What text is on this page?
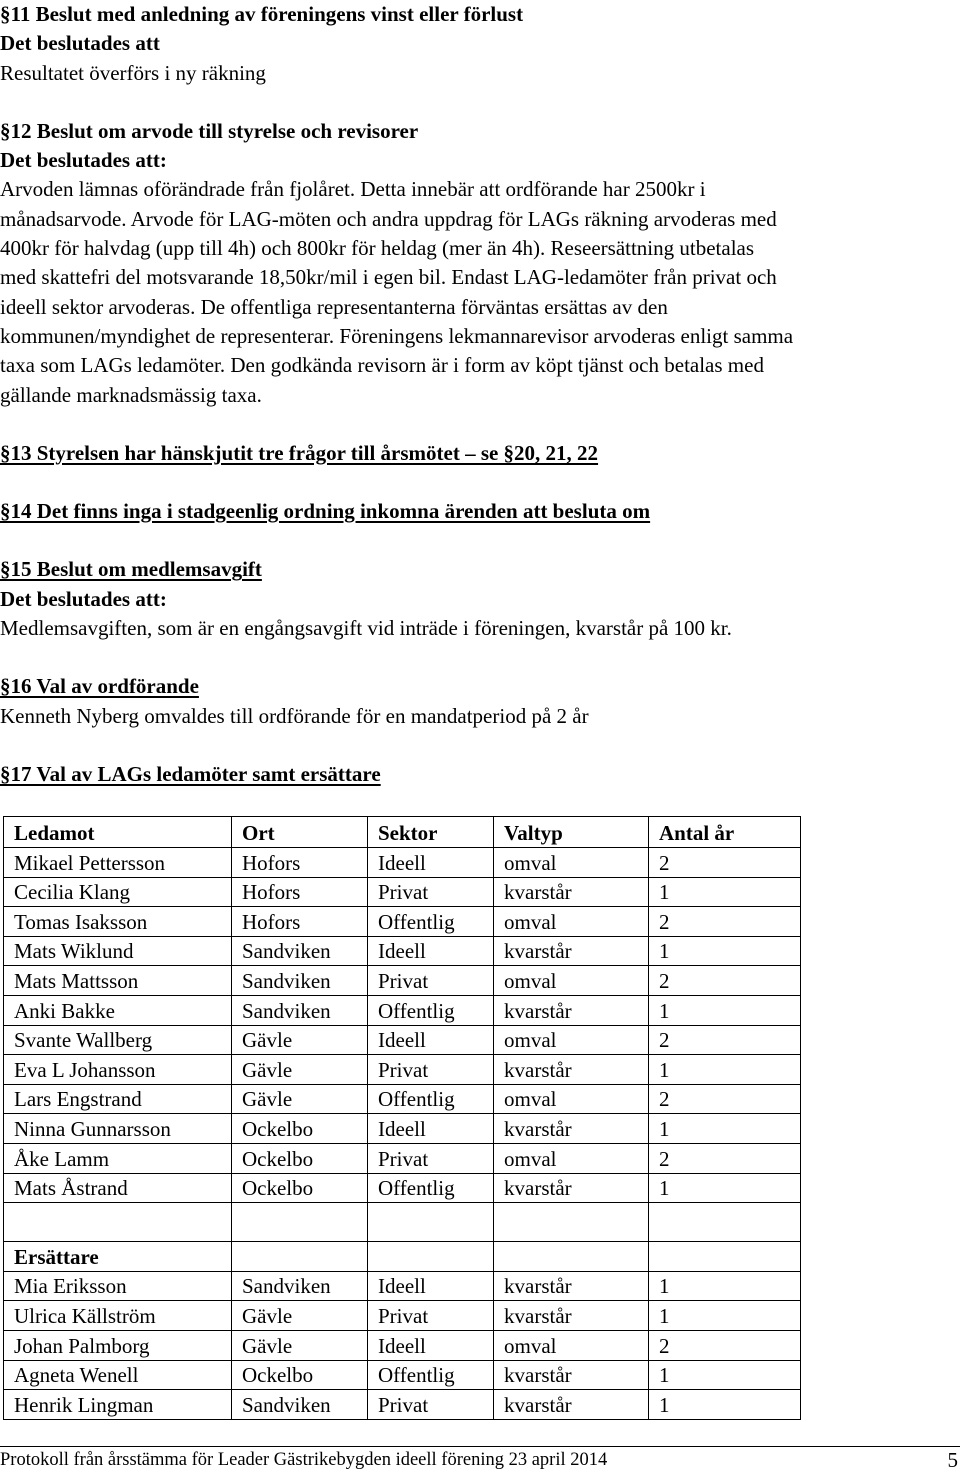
§11 Beslut med anledning av föreningens vinst eller förlust
Det beslutades att
Resultatet överförs i ny räkning
§12 Beslut om arvode till styrelse och revisorer
Det beslutades att:
Arvoden lämnas oförändrade från fjolåret. Detta innebär att ordförande har 2500kr i
månadsarvode. Arvode för LAG-möten och andra uppdrag för LAGs räkning arvoderas med
400kr för halvdag (upp till 4h) och 800kr för heldag (mer än 4h). Reseersättning utbetalas
med skattefri del motsvarande 18,50kr/mil i egen bil. Endast LAG-ledamöter från privat och
ideell sektor arvoderas. De offentliga representanterna förväntas ersättas av den
kommunen/myndighet de representerar. Föreningens lekmannarevisor arvoderas enligt samma
taxa som LAGs ledamöter. Den godkända revisorn är i form av köpt tjänst och betalas med
gällande marknadsmässig taxa.
§13 Styrelsen har hänskjutit tre frågor till årsmötet – se §20, 21, 22
§14 Det finns inga i stadgeenlig ordning inkomna ärenden att besluta om
§15 Beslut om medlemsavgift
Det beslutades att:
Medlemsavgiften, som är en engångsavgift vid inträde i föreningen, kvarstår på 100 kr.
§16 Val av ordförande
Kenneth Nyberg omvaldes till ordförande för en mandatperiod på 2 år
§17 Val av LAGs ledamöter samt ersättare
Ledamot	Ort	Sektor	Valtyp	Antal år
Mikael Pettersson	Hofors	Ideell	omval	2
Cecilia Klang	Hofors	Privat	kvarstår	1
Tomas Isaksson	Hofors	Offentlig	omval	2
Mats Wiklund	Sandviken	Ideell	kvarstår	1
Mats Mattsson	Sandviken	Privat	omval	2
Anki Bakke	Sandviken	Offentlig	kvarstår	1
Svante Wallberg	Gävle	Ideell	omval	2
Eva L Johansson	Gävle	Privat	kvarstår	1
Lars Engstrand	Gävle	Offentlig	omval	2
Ninna Gunnarsson	Ockelbo	Ideell	kvarstår	1
Åke Lamm	Ockelbo	Privat	omval	2
Mats Åstrand	Ockelbo	Offentlig	kvarstår	1

Ersättare				
Mia Eriksson	Sandviken	Ideell	kvarstår	1
Ulrica Källström	Gävle	Privat	kvarstår	1
Johan Palmborg	Gävle	Ideell	omval	2
Agneta Wenell	Ockelbo	Offentlig	kvarstår	1
Henrik Lingman	Sandviken	Privat	kvarstår	1
Protokoll från årsstämma för Leader Gästrikebygden ideell förening 23 april 2014	5
